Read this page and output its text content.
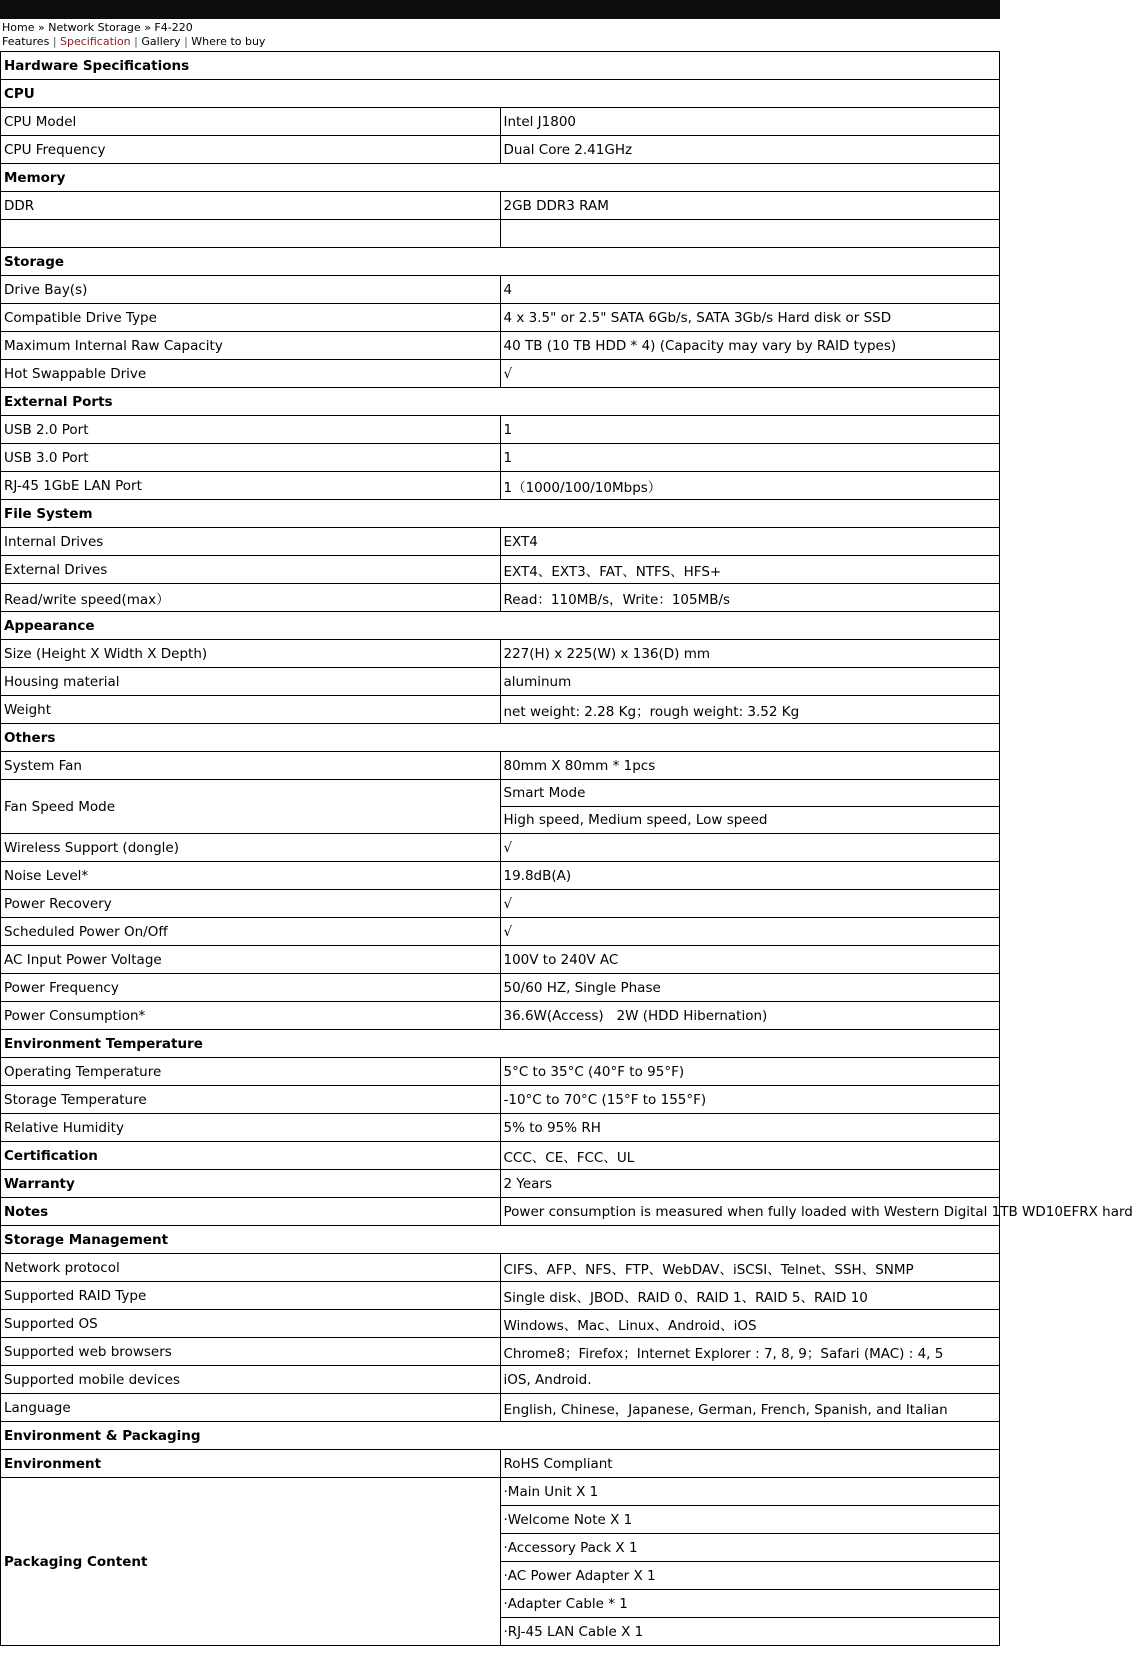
Home » Network Storage » F4-220
Features | Specification | Gallery | Where to buy
Hardware Specifications	
CPU	
CPU Model	Intel J1800
CPU Frequency	Dual Core 2.41GHz
Memory	
DDR	2GB DDR3 RAM

Storage	
Drive Bay(s)	4
Compatible Drive Type	4 x 3.5" or 2.5" SATA 6Gb/s, SATA 3Gb/s Hard disk or SSD
Maximum Internal Raw Capacity	40 TB (10 TB HDD * 4) (Capacity may vary by RAID types)
Hot Swappable Drive	√
External Ports	
USB 2.0 Port	1
USB 3.0 Port	1
RJ-45 1GbE LAN Port	1（1000/100/10Mbps）
File System	
Internal Drives	EXT4
External Drives	EXT4、EXT3、FAT、NTFS、HFS+
Read/write speed(max）	Read：110MB/s，Write：105MB/s
Appearance	
Size (Height X Width X Depth)	227(H) x 225(W) x 136(D) mm
Housing material	aluminum
Weight	net weight: 2.28 Kg；rough weight: 3.52 Kg
Others	
System Fan	80mm X 80mm * 1pcs
Fan Speed Mode	Smart Mode
	High speed, Medium speed, Low speed
Wireless Support (dongle)	√
Noise Level*	19.8dB(A)
Power Recovery	√
Scheduled Power On/Off	√
AC Input Power Voltage	100V to 240V AC
Power Frequency	50/60 HZ, Single Phase
Power Consumption*	36.6W(Access)   2W (HDD Hibernation)
Environment Temperature	
Operating Temperature	5°C to 35°C (40°F to 95°F)
Storage Temperature	-10°C to 70°C (15°F to 155°F)
Relative Humidity	5% to 95% RH
Certification	CCC、CE、FCC、UL
Warranty	2 Years
Notes	Power consumption is measured when fully loaded with Western Digital 1TB WD10EFRX hard
Storage Management	
Network protocol	CIFS、AFP、NFS、FTP、WebDAV、iSCSI、Telnet、SSH、SNMP
Supported RAID Type	Single disk、JBOD、RAID 0、RAID 1、RAID 5、RAID 10
Supported OS	Windows、Mac、Linux、Android、iOS
Supported web browsers	Chrome8；Firefox；Internet Explorer : 7, 8, 9；Safari (MAC) : 4, 5
Supported mobile devices	iOS, Android.
Language	English, Chinese，Japanese, German, French, Spanish, and Italian
Environment & Packaging	
Environment	RoHS Compliant
Packaging Content	·Main Unit X 1
	·Welcome Note X 1
	·Accessory Pack X 1
	·AC Power Adapter X 1
	·Adapter Cable * 1
	·RJ-45 LAN Cable X 1
